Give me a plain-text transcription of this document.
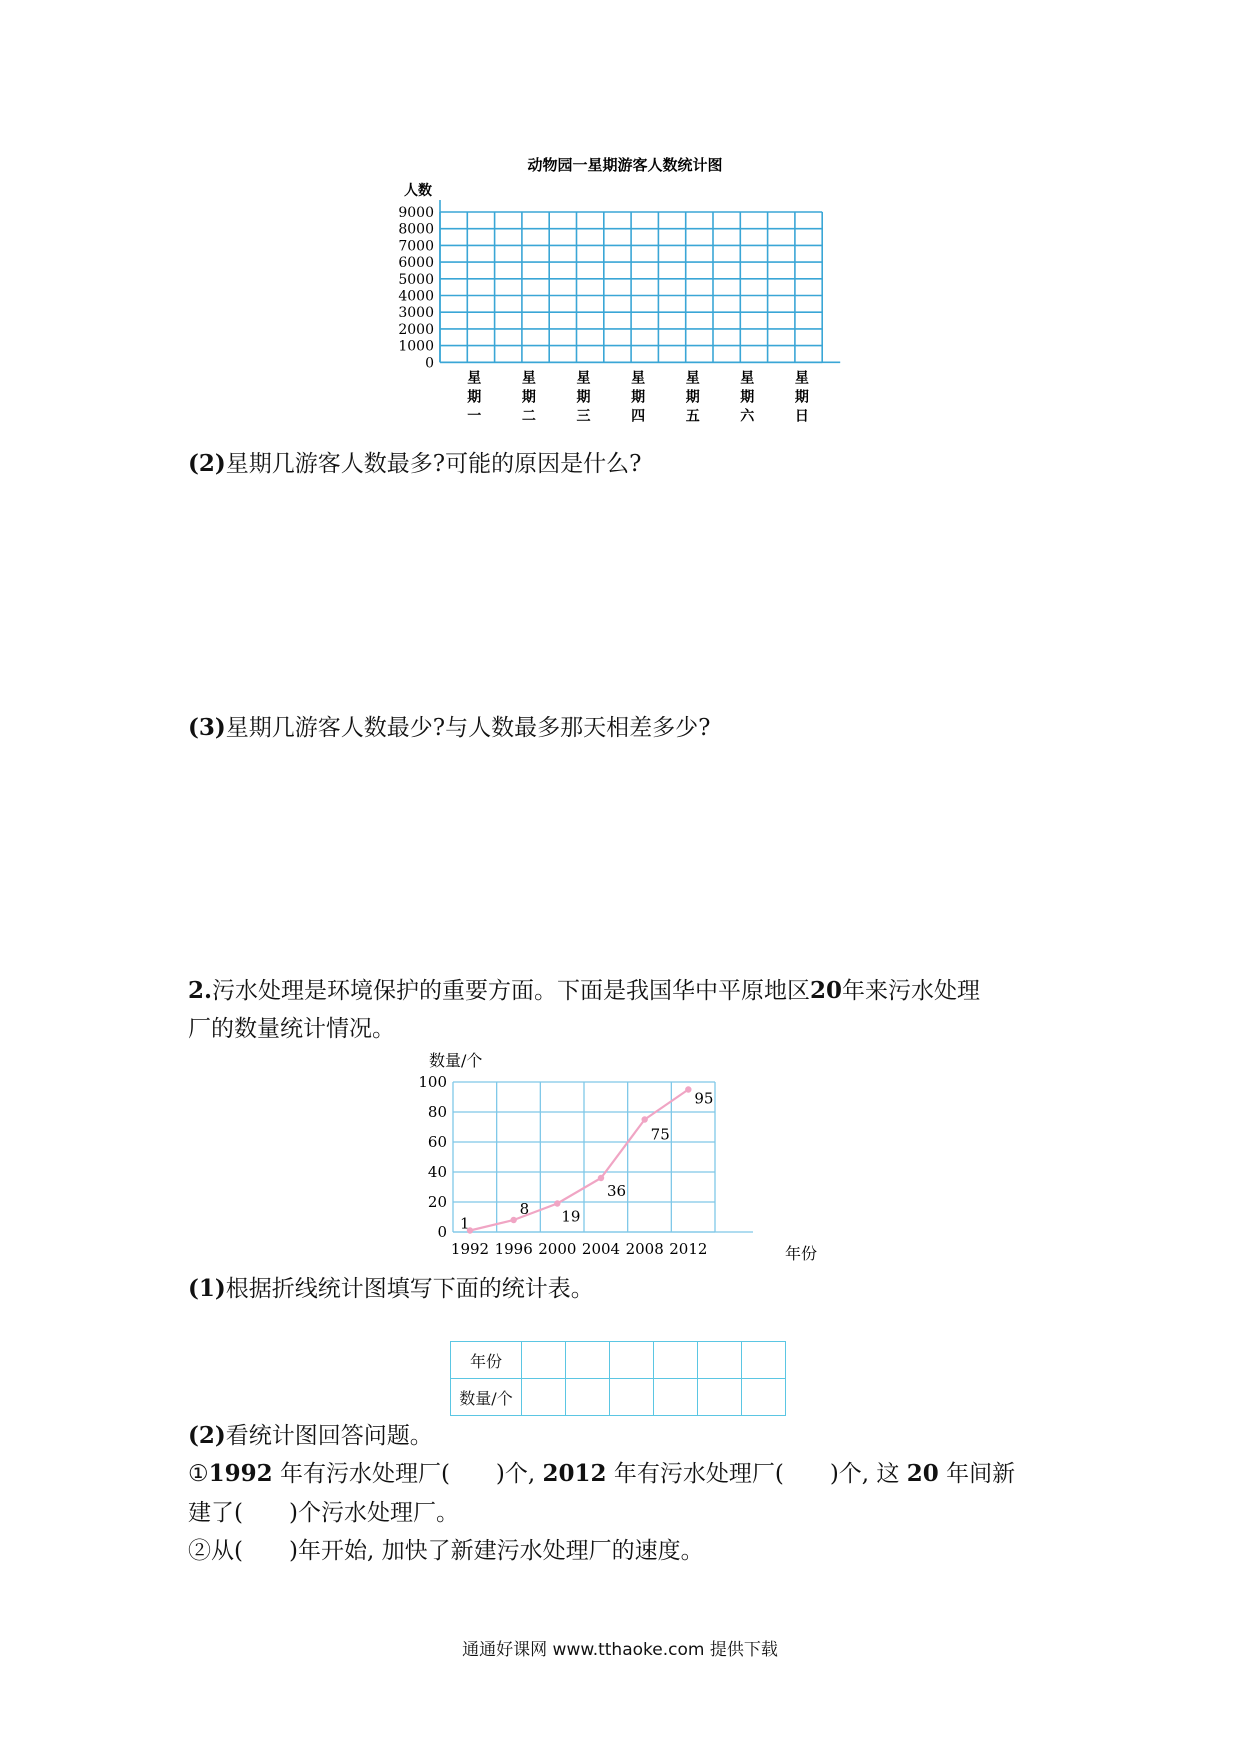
动物园一星期游客人数统计图
人数
9000
8000
7000
6000
5000
4000
3000
2000
1000
0
星期一
星期二
星期三
星期四
星期五
星期六
星期日
(2)星期几游客人数最多?可能的原因是什么?
(3)星期几游客人数最少?与人数最多那天相差多少?
2.污水处理是环境保护的重要方面。下面是我国华中平原地区20年来污水处理
厂的数量统计情况。
数量/个
100
80
60
40
20
0
1992 1996 2000 2004 2008 2012	年份
1
8 19
36
75
95
(1)根据折线统计图填写下面的统计表。
年份						
数量/个						
(2)看统计图回答问题。
①1992 年有污水处理厂(　　)个, 2012 年有污水处理厂(　　)个, 这 20 年间新
建了(　　)个污水处理厂。
②从(　　)年开始, 加快了新建污水处理厂的速度。
通通好课网 www.tthaoke.com 提供下载
